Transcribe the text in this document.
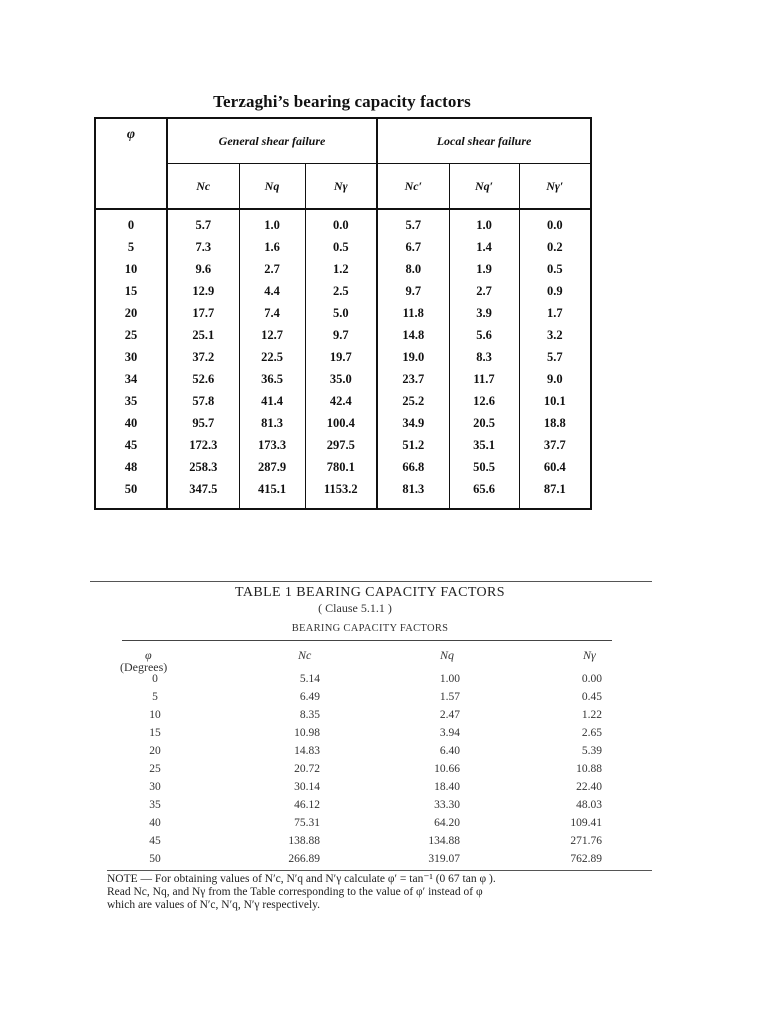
Terzaghi’s bearing capacity factors
φ	General shear failure			Local shear failure		
	Nc	Nq	Nγ	Nc′	Nq′	Nγ′
0	5.7	1.0	0.0	5.7	1.0	0.0
5	7.3	1.6	0.5	6.7	1.4	0.2
10	9.6	2.7	1.2	8.0	1.9	0.5
15	12.9	4.4	2.5	9.7	2.7	0.9
20	17.7	7.4	5.0	11.8	3.9	1.7
25	25.1	12.7	9.7	14.8	5.6	3.2
30	37.2	22.5	19.7	19.0	8.3	5.7
34	52.6	36.5	35.0	23.7	11.7	9.0
35	57.8	41.4	42.4	25.2	12.6	10.1
40	95.7	81.3	100.4	34.9	20.5	18.8
45	172.3	173.3	297.5	51.2	35.1	37.7
48	258.3	287.9	780.1	66.8	50.5	60.4
50	347.5	415.1	1153.2	81.3	65.6	87.1
TABLE 1 BEARING CAPACITY FACTORS
( Clause 5.1.1 )
BEARING CAPACITY FACTORS
φ
(Degrees)
Nc	Nq	Nγ
0	5.14	1.00	0.00
5	6.49	1.57	0.45
10	8.35	2.47	1.22
15	10.98	3.94	2.65
20	14.83	6.40	5.39
25	20.72	10.66	10.88
30	30.14	18.40	22.40
35	46.12	33.30	48.03
40	75.31	64.20	109.41
45	138.88	134.88	271.76
50	266.89	319.07	762.89
NOTE — For obtaining values of N′c, N′q and N′γ calculate φ′ = tan⁻¹ (0 67 tan φ ).
Read Nc, Nq, and Nγ from the Table corresponding to the value of φ′ instead of φ
which are values of N′c, N′q, N′γ respectively.
